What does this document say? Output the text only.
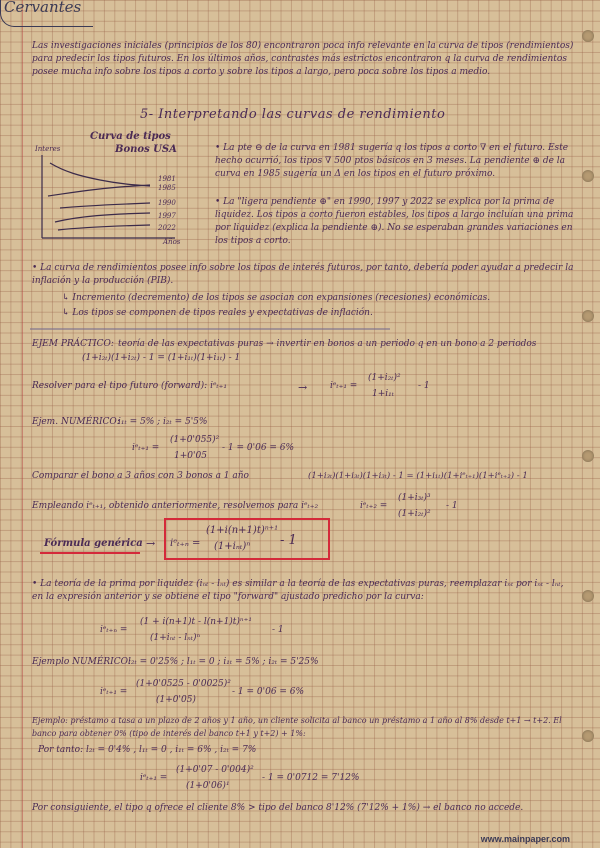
Cervantes
Las investigaciones iniciales (principios de los 80) encontraron poca info relevante en la curva de tipos (rendimientos) para predecir los tipos futuros. En los últimos años, contrastes más estrictos encontraron q la curva de rendimientos posee mucha info sobre los tipos a corto y sobre los tipos a largo, pero poca sobre los tipos a medio.
5- Interpretando las curvas de rendimiento
Curva de tipos
Bonos USA
Interes
Años
1981
1985
1990
1997
2022
• La pte ⊖ de la curva en 1981 sugería q los tipos a corto ∇ en el futuro. Este hecho ocurrió, los tipos ∇ 500 ptos básicos en 3 meses. La pendiente ⊕ de la curva en 1985 sugería un Δ en los tipos en el futuro próximo.
• La "ligera pendiente ⊕" en 1990, 1997 y 2022 se explica por la prima de liquidez. Los tipos a corto fueron estables, los tipos a largo incluían una prima por liquidez (explica la pendiente ⊕). No se esperaban grandes variaciones en los tipos a corto.
• La curva de rendimientos posee info sobre los tipos de interés futuros, por tanto, debería poder ayudar a predecir la inflación y la producción (PIB).
↳ Incremento (decremento) de los tipos se asocian con expansiones (recesiones) económicas.
↳ Los tipos se componen de tipos reales y expectativas de inflación.
EJEM PRÁCTICO: teoría de las expectativas puras → invertir en bonos a un periodo q en un bono a 2 periodos
(1+i₂ₜ)(1+i₂ₜ) - 1 = (1+i₁ₜ)(1+i₁ₜ) - 1
Resolver para el tipo futuro (forward): iᵉₜ₊₁	→	iᵉₜ₊₁ =
(1+i₂ₜ)²
1+i₁ₜ
- 1
Ejem. NUMÉRICO:
i₁ₜ = 5% ; i₂ₜ = 5'5%
iᵉₜ₊₁ =
(1+0'055)²
1+0'05
- 1 = 0'06 = 6%
Comparar el bono a 3 años con 3 bonos a 1 año	(1+i₃ₜ)(1+i₃ₜ)(1+i₃ₜ) - 1 = (1+i₁ₜ)(1+iᵉₜ₊₁)(1+iᵉₜ₊₂) - 1
Empleando iᵉₜ₊₁, obtenido anteriormente, resolvemos para iᵉₜ₊₂	iᵉₜ₊₂ =
(1+i₃ₜ)³
(1+i₂ₜ)²
- 1
Fórmula genérica → iᵉₜ₊ₙ =
(1+i(n+1)t)ⁿ⁺¹
(1+iₙₜ)ⁿ - 1
• La teoría de la prima por liquidez (iₙₜ - lₙₜ) es similar a la teoría de las expectativas puras, reemplazar iₙₜ por iₙₜ - lₙₜ, en la expresión anterior y se obtiene el tipo "forward" ajustado predicho por la curva:
iᵉₜ₊ₙ =
(1 + i(n+1)t - l(n+1)t)ⁿ⁺¹
(1+iₙₜ - lₙₜ)ⁿ
- 1
Ejemplo NUMÉRICO:
l₂ₜ = 0'25% ; l₁ₜ = 0 ; i₁ₜ = 5% ; i₂ₜ = 5'25%
iᵉₜ₊₁ =
(1+0'0525 - 0'0025)²
(1+0'05)
- 1 = 0'06 = 6%
Ejemplo: préstamo a tasa a un plazo de 2 años y 1 año, un cliente solicita al banco un préstamo a 1 año al 8% desde t+1 → t+2. El banco para obtener 0% (tipo de interés del banco t+1 y t+2) + 1%:
Por tanto: l₂ₜ = 0'4% , l₁ₜ = 0 , i₁ₜ = 6% , i₂ₜ = 7%
iᵉₜ₊₁ =
(1+0'07 - 0'004)²
(1+0'06)¹
- 1 = 0'0712 = 7'12%
Por consiguiente, el tipo q ofrece el cliente 8% > tipo del banco 8'12% (7'12% + 1%) → el banco no accede.
www.mainpaper.com
